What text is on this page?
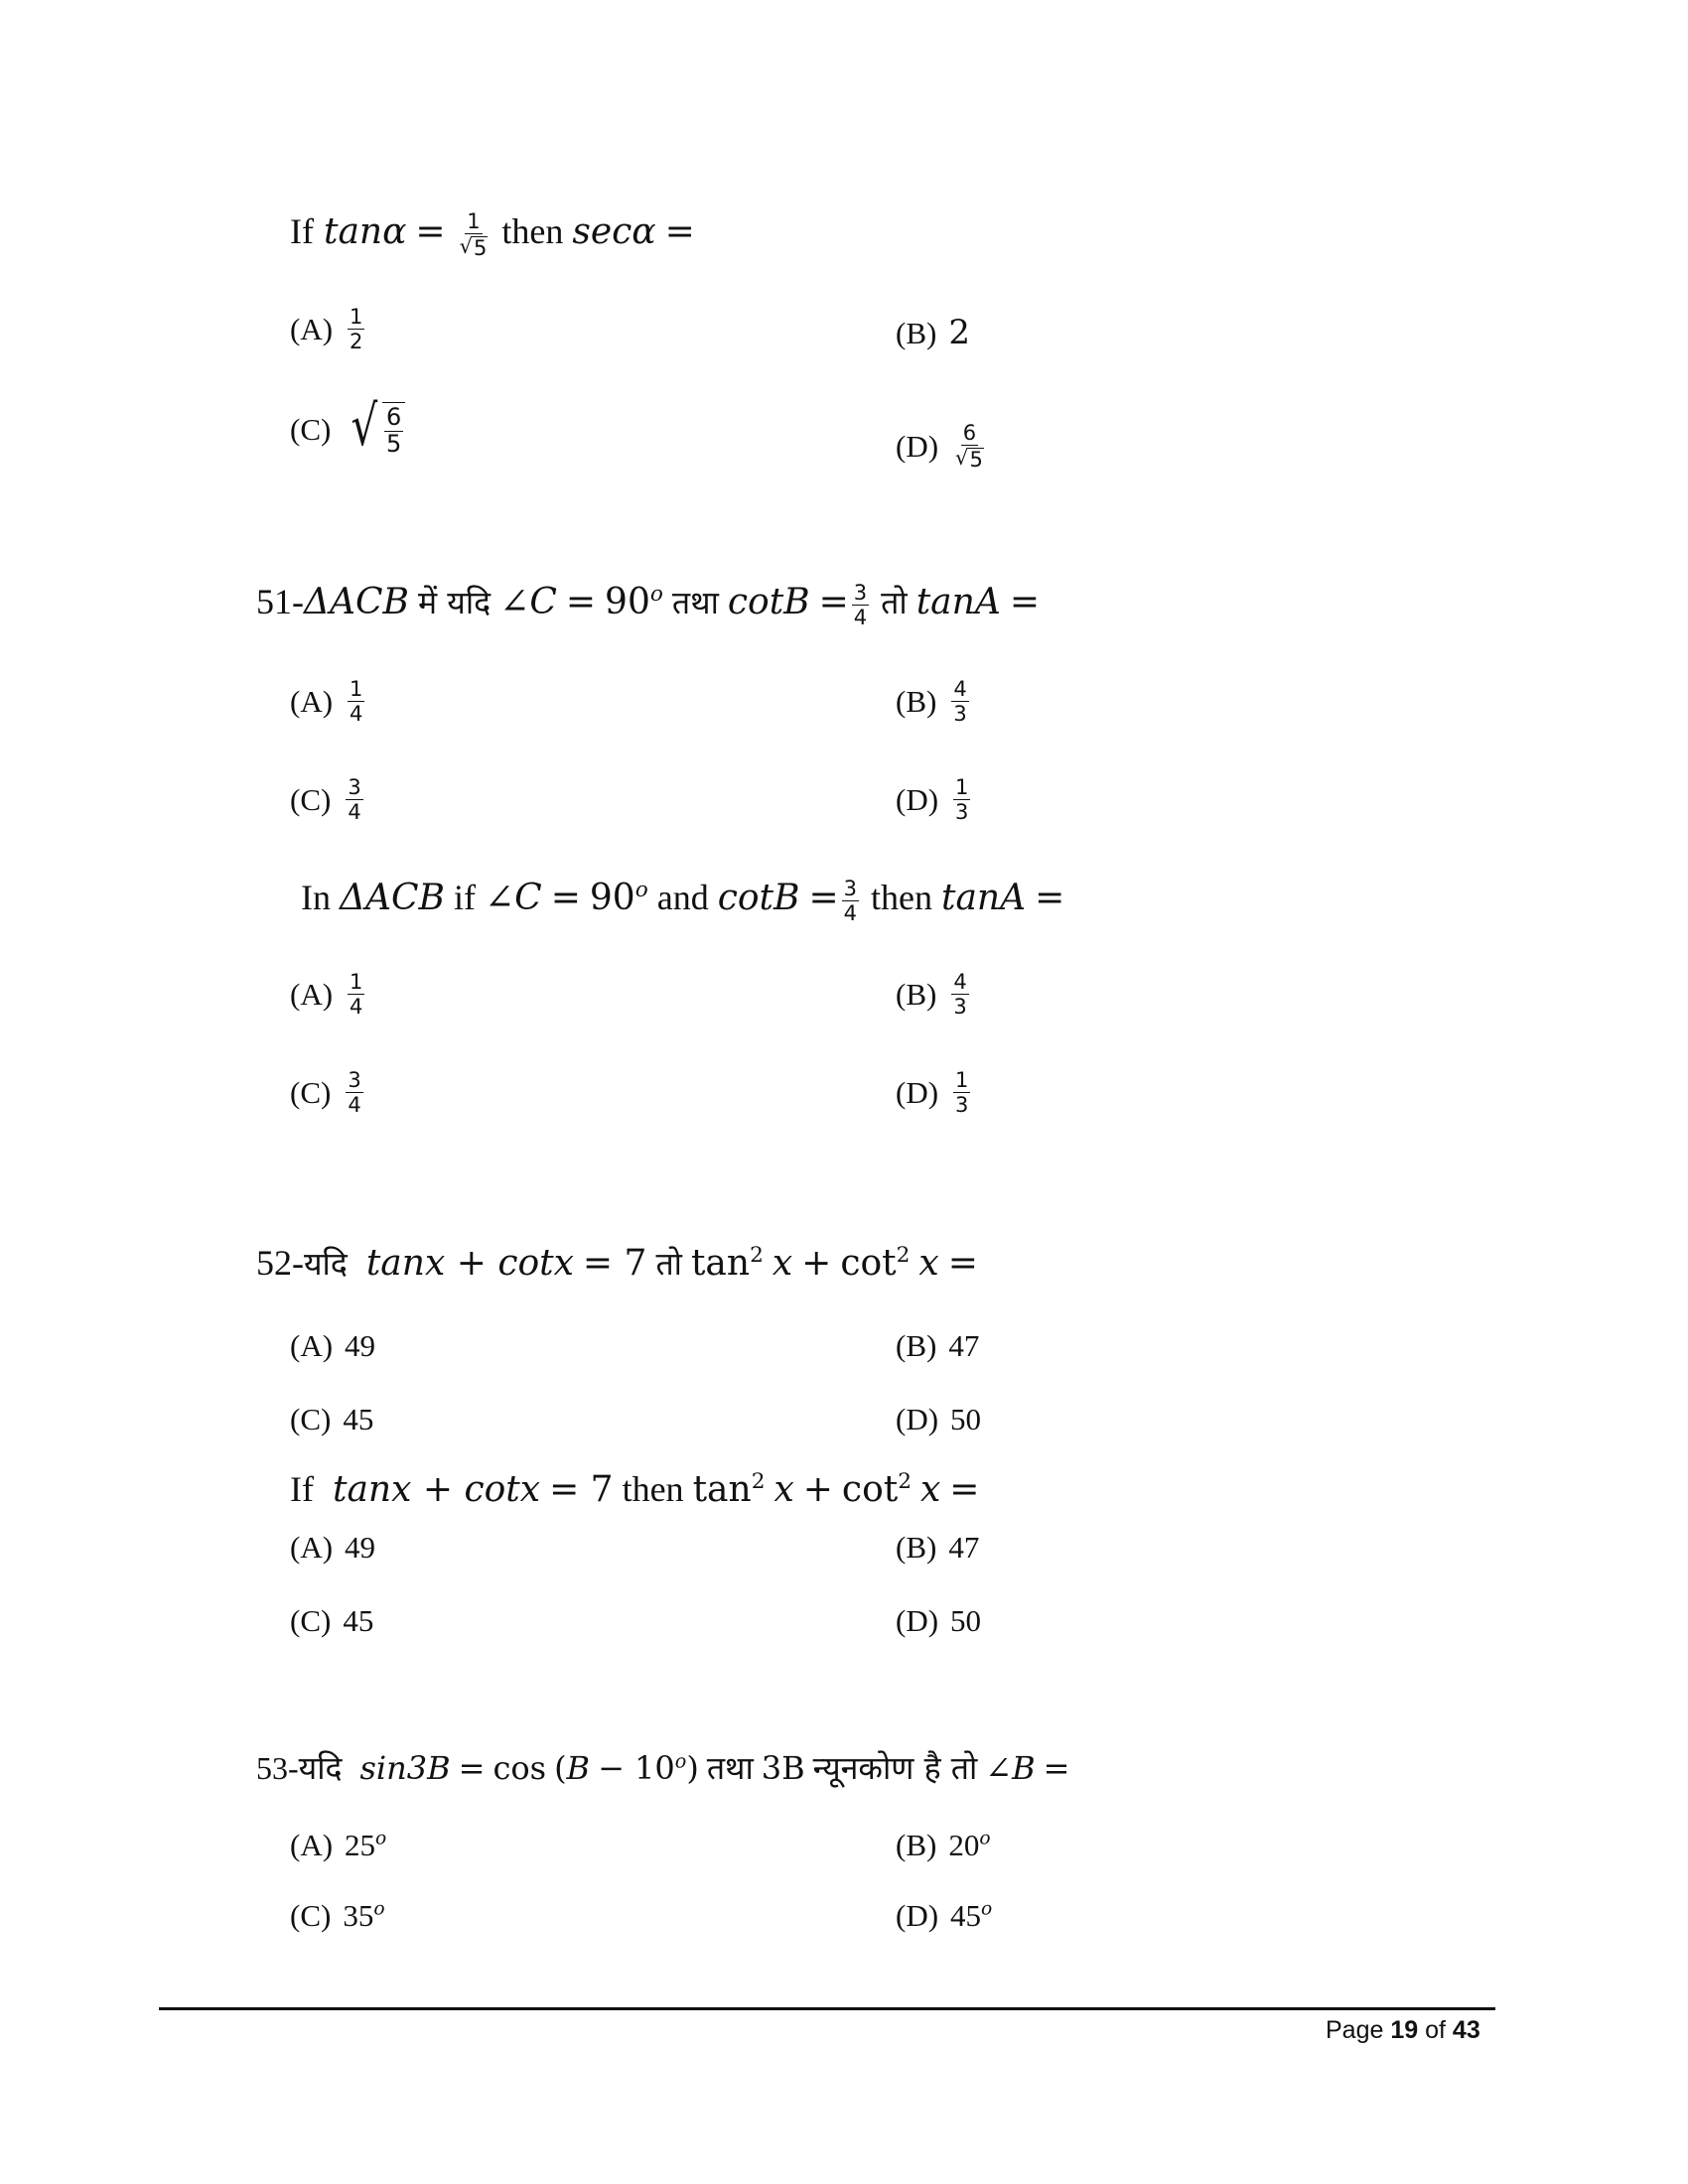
If $\tan\alpha = \frac{1}{√ 5}$ then secα =
$(A) \frac{1}{2}$	(B) 2
(C) √ $\frac{6}{5}$	$(D) \frac{6}{√ 5}$
51-ΔACB में यदि ∠C = $90^o$ तथा $\cot B = \frac{3}{4}$ तो tanA =
$(A) \frac{1}{4}$	$(B) \frac{4}{3}$
$(C) \frac{3}{4}$	$(D) \frac{1}{3}$
In ΔACB if ∠C = $90^o$ and $\cot B = \frac{3}{4}$ then tanA =
$(A) \frac{1}{4}$	$(B) \frac{4}{3}$
$(C) \frac{3}{4}$	$(D) \frac{1}{3}$
52-यदि tanx + cotx = 7 तो $\tan^2 x + \cot^2 x$ =
(A) 49	(B) 47
(C) 45	(D) 50
If tanx + cotx = 7 then $\tan^2 x + \cot^2 x$ =
(A) 49	(B) 47
(C) 45	(D) 50
53-यदि $\sin 3B = \cos (B - 10^o)$ तथा 3B न्यूनकोण है तो ∠B =
(A) 25$^o$	(B) 20$^o$
(C) 35$^o$	(D) 45$^o$
Page 19 of 43
